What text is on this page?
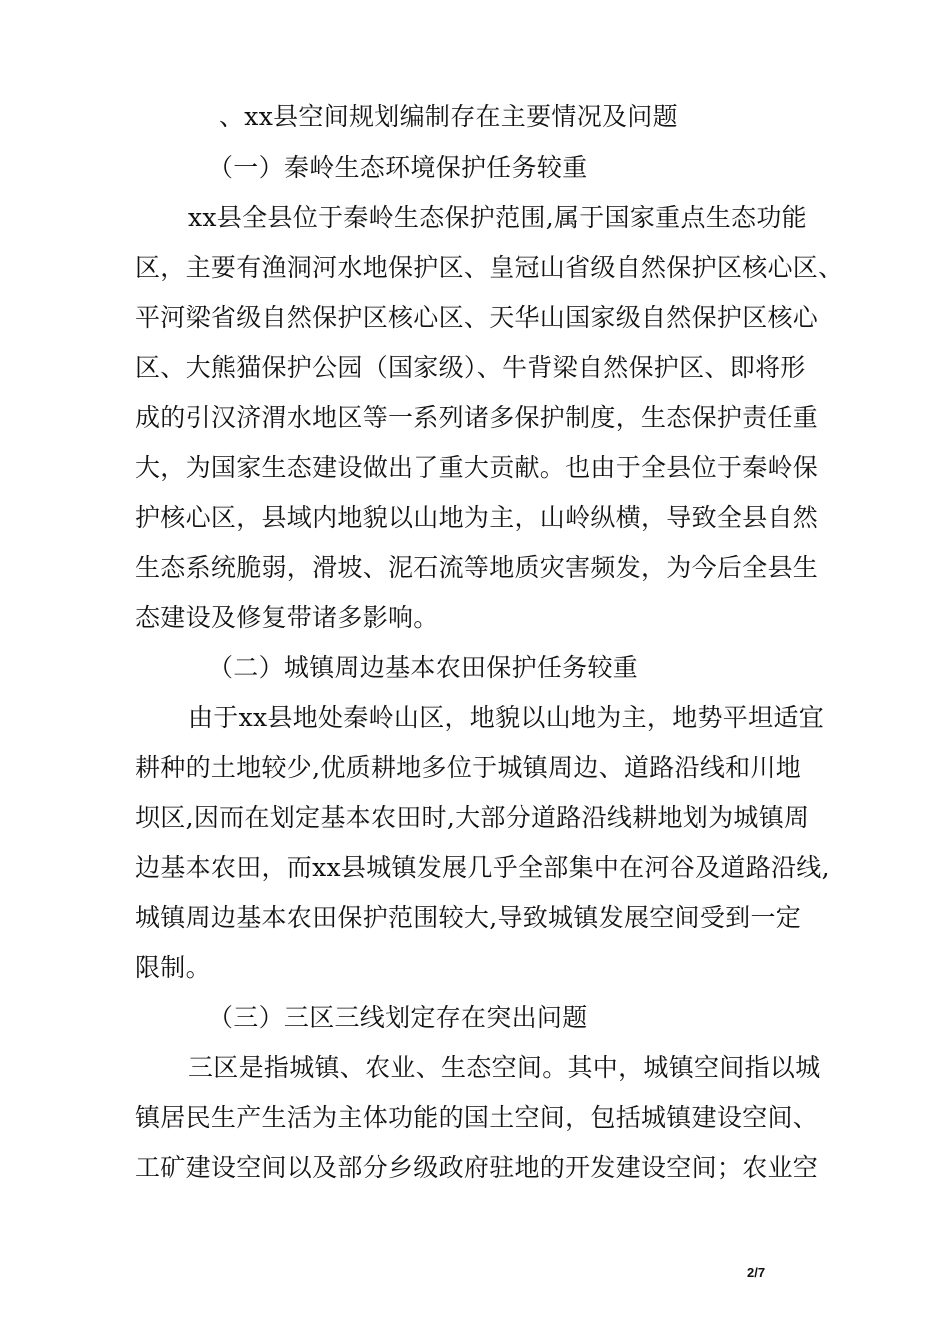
、xx县空间规划编制存在主要情况及问题
（一）秦岭生态环境保护任务较重
xx县全县位于秦岭生态保护范围,属于国家重点生态功能
区，主要有渔洞河水地保护区、皇冠山省级自然保护区核心区、
平河梁省级自然保护区核心区、天华山国家级自然保护区核心
区、大熊猫保护公园（国家级）、牛背梁自然保护区、即将形
成的引汉济渭水地区等一系列诸多保护制度，生态保护责任重
大，为国家生态建设做出了重大贡献。也由于全县位于秦岭保
护核心区，县域内地貌以山地为主，山岭纵横，导致全县自然
生态系统脆弱，滑坡、泥石流等地质灾害频发，为今后全县生
态建设及修复带诸多影响。
（二）城镇周边基本农田保护任务较重
由于xx县地处秦岭山区，地貌以山地为主，地势平坦适宜
耕种的土地较少,优质耕地多位于城镇周边、道路沿线和川地
坝区,因而在划定基本农田时,大部分道路沿线耕地划为城镇周
边基本农田，而xx县城镇发展几乎全部集中在河谷及道路沿线,
城镇周边基本农田保护范围较大,导致城镇发展空间受到一定
限制。
（三）三区三线划定存在突出问题
三区是指城镇、农业、生态空间。其中，城镇空间指以城
镇居民生产生活为主体功能的国土空间，包括城镇建设空间、
工矿建设空间以及部分乡级政府驻地的开发建设空间；农业空
2/7
